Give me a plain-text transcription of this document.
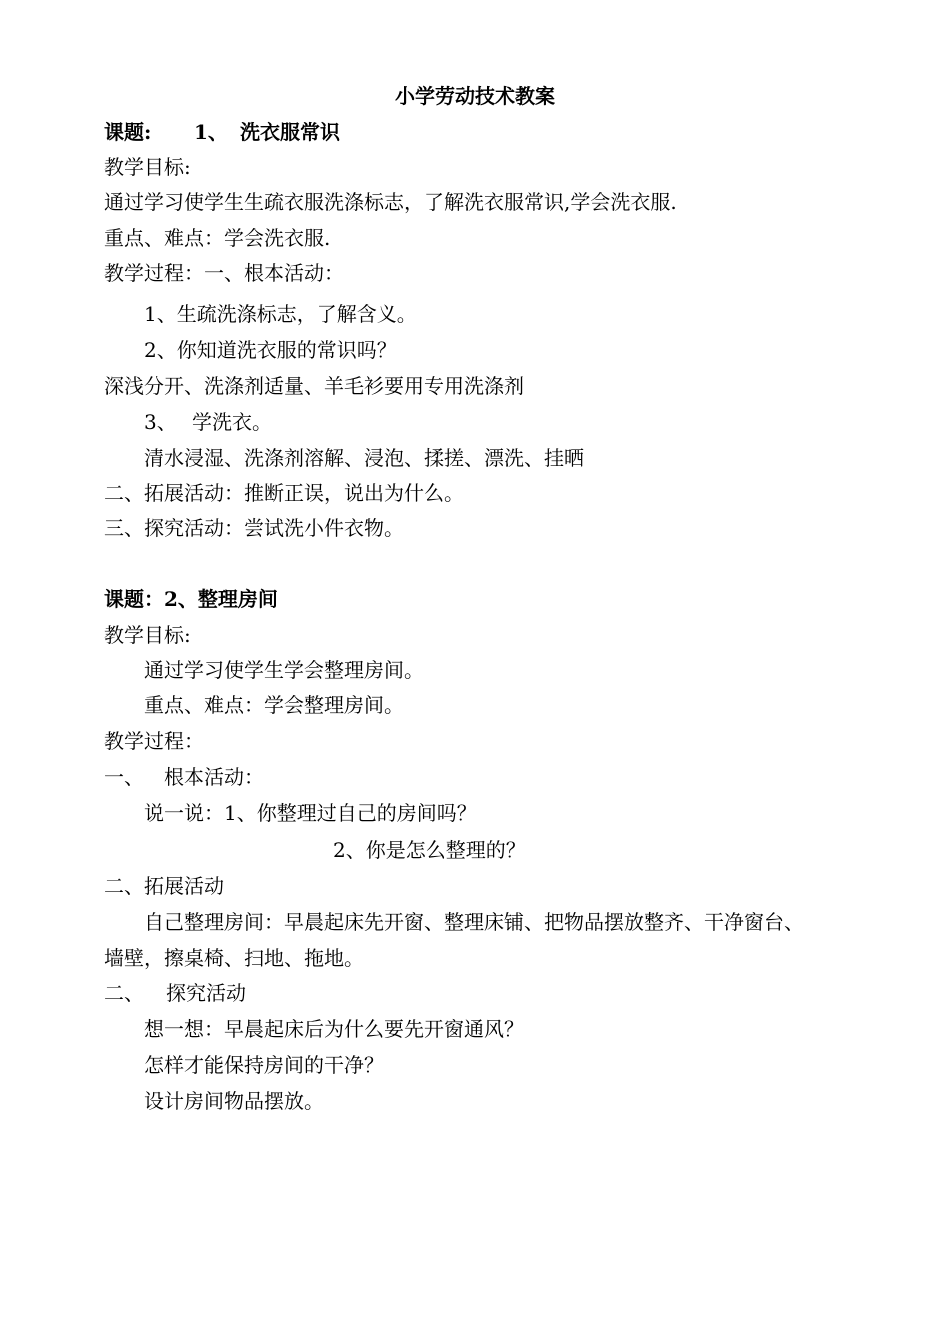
小学劳动技术教案
课题: 1、 洗衣服常识
教学目标:
通过学习使学生生疏衣服洗涤标志，了解洗衣服常识,学会洗衣服.
重点、难点：学会洗衣服.
教学过程：一、根本活动：
1、生疏洗涤标志，了解含义。
2、你知道洗衣服的常识吗？
深浅分开、洗涤剂适量、羊毛衫要用专用洗涤剂
3、 学洗衣。
清水浸湿、洗涤剂溶解、浸泡、揉搓、漂洗、挂晒
二、拓展活动：推断正误，说出为什么。
三、探究活动：尝试洗小件衣物。
课题：2、整理房间
教学目标:
通过学习使学生学会整理房间。
重点、难点：学会整理房间。
教学过程：
一、 根本活动：
说一说：1、你整理过自己的房间吗？
2、你是怎么整理的？
二、拓展活动
自己整理房间：早晨起床先开窗、整理床铺、把物品摆放整齐、干净窗台、
墙壁，擦桌椅、扫地、拖地。
二、 探究活动
想一想：早晨起床后为什么要先开窗通风？
怎样才能保持房间的干净？
设计房间物品摆放。
